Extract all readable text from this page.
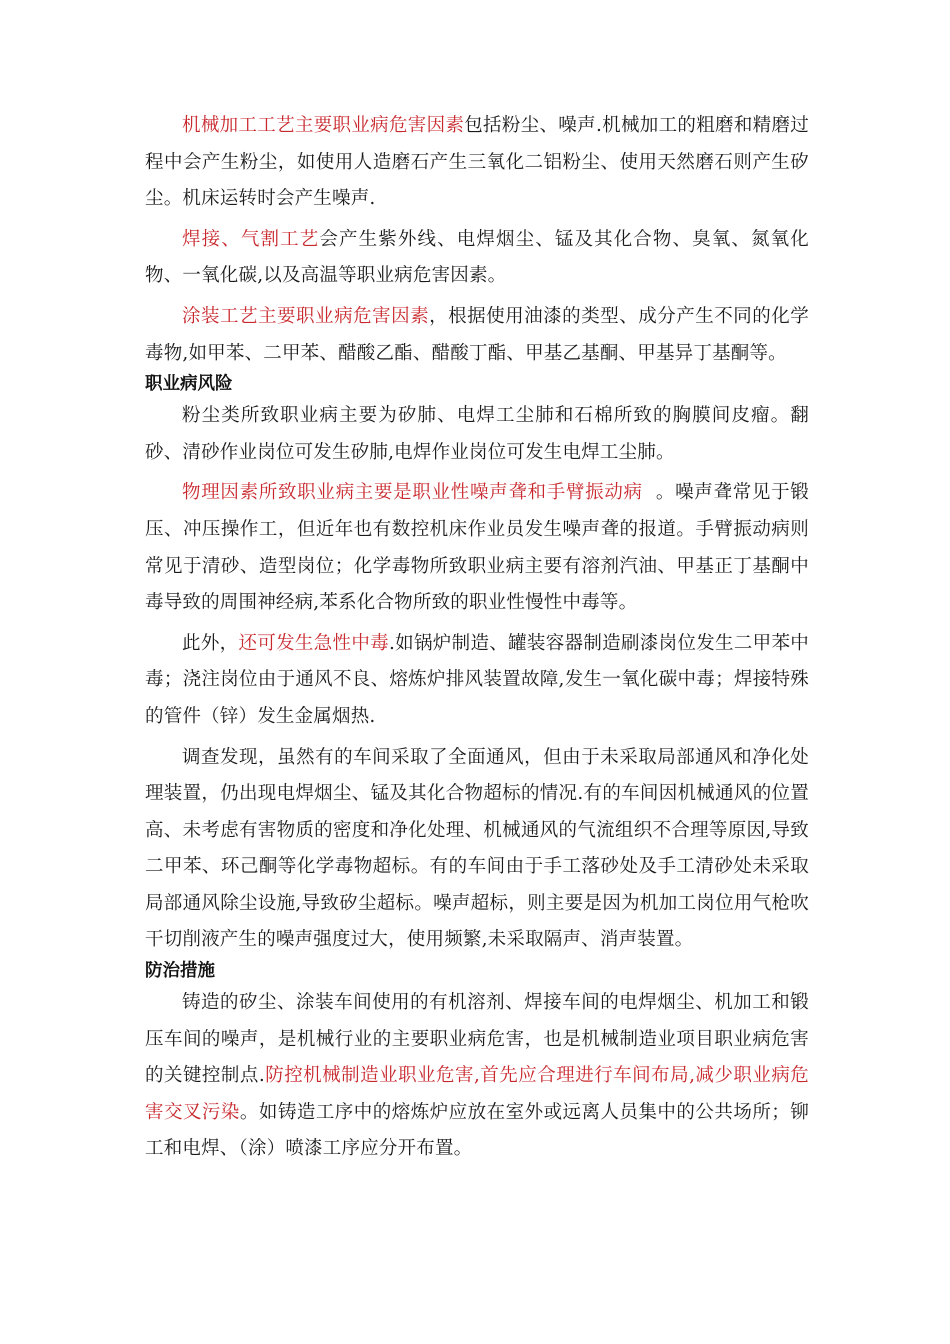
机械加工工艺主要职业病危害因素包括粉尘、噪声.机械加工的粗磨和精磨过程中会产生粉尘，如使用人造磨石产生三氧化二铝粉尘、使用天然磨石则产生矽尘。机床运转时会产生噪声.

焊接、气割工艺会产生紫外线、电焊烟尘、锰及其化合物、臭氧、氮氧化物、一氧化碳,以及高温等职业病危害因素。

涂装工艺主要职业病危害因素，根据使用油漆的类型、成分产生不同的化学毒物,如甲苯、二甲苯、醋酸乙酯、醋酸丁酯、甲基乙基酮、甲基异丁基酮等。

职业病风险

粉尘类所致职业病主要为矽肺、电焊工尘肺和石棉所致的胸膜间皮瘤。翻砂、清砂作业岗位可发生矽肺,电焊作业岗位可发生电焊工尘肺。

物理因素所致职业病主要是职业性噪声聋和手臂振动病  。噪声聋常见于锻压、冲压操作工，但近年也有数控机床作业员发生噪声聋的报道。手臂振动病则常见于清砂、造型岗位；化学毒物所致职业病主要有溶剂汽油、甲基正丁基酮中毒导致的周围神经病,苯系化合物所致的职业性慢性中毒等。

此外，还可发生急性中毒.如锅炉制造、罐装容器制造刷漆岗位发生二甲苯中毒；浇注岗位由于通风不良、熔炼炉排风装置故障,发生一氧化碳中毒；焊接特殊的管件（锌）发生金属烟热.

调查发现，虽然有的车间采取了全面通风，但由于未采取局部通风和净化处理装置，仍出现电焊烟尘、锰及其化合物超标的情况.有的车间因机械通风的位置高、未考虑有害物质的密度和净化处理、机械通风的气流组织不合理等原因,导致二甲苯、环己酮等化学毒物超标。有的车间由于手工落砂处及手工清砂处未采取局部通风除尘设施,导致矽尘超标。噪声超标，则主要是因为机加工岗位用气枪吹干切削液产生的噪声强度过大，使用频繁,未采取隔声、消声装置。

防治措施

铸造的矽尘、涂装车间使用的有机溶剂、焊接车间的电焊烟尘、机加工和锻压车间的噪声，是机械行业的主要职业病危害，也是机械制造业项目职业病危害的关键控制点.防控机械制造业职业危害,首先应合理进行车间布局,减少职业病危害交叉污染。如铸造工序中的熔炼炉应放在室外或远离人员集中的公共场所；铆工和电焊、（涂）喷漆工序应分开布置。
